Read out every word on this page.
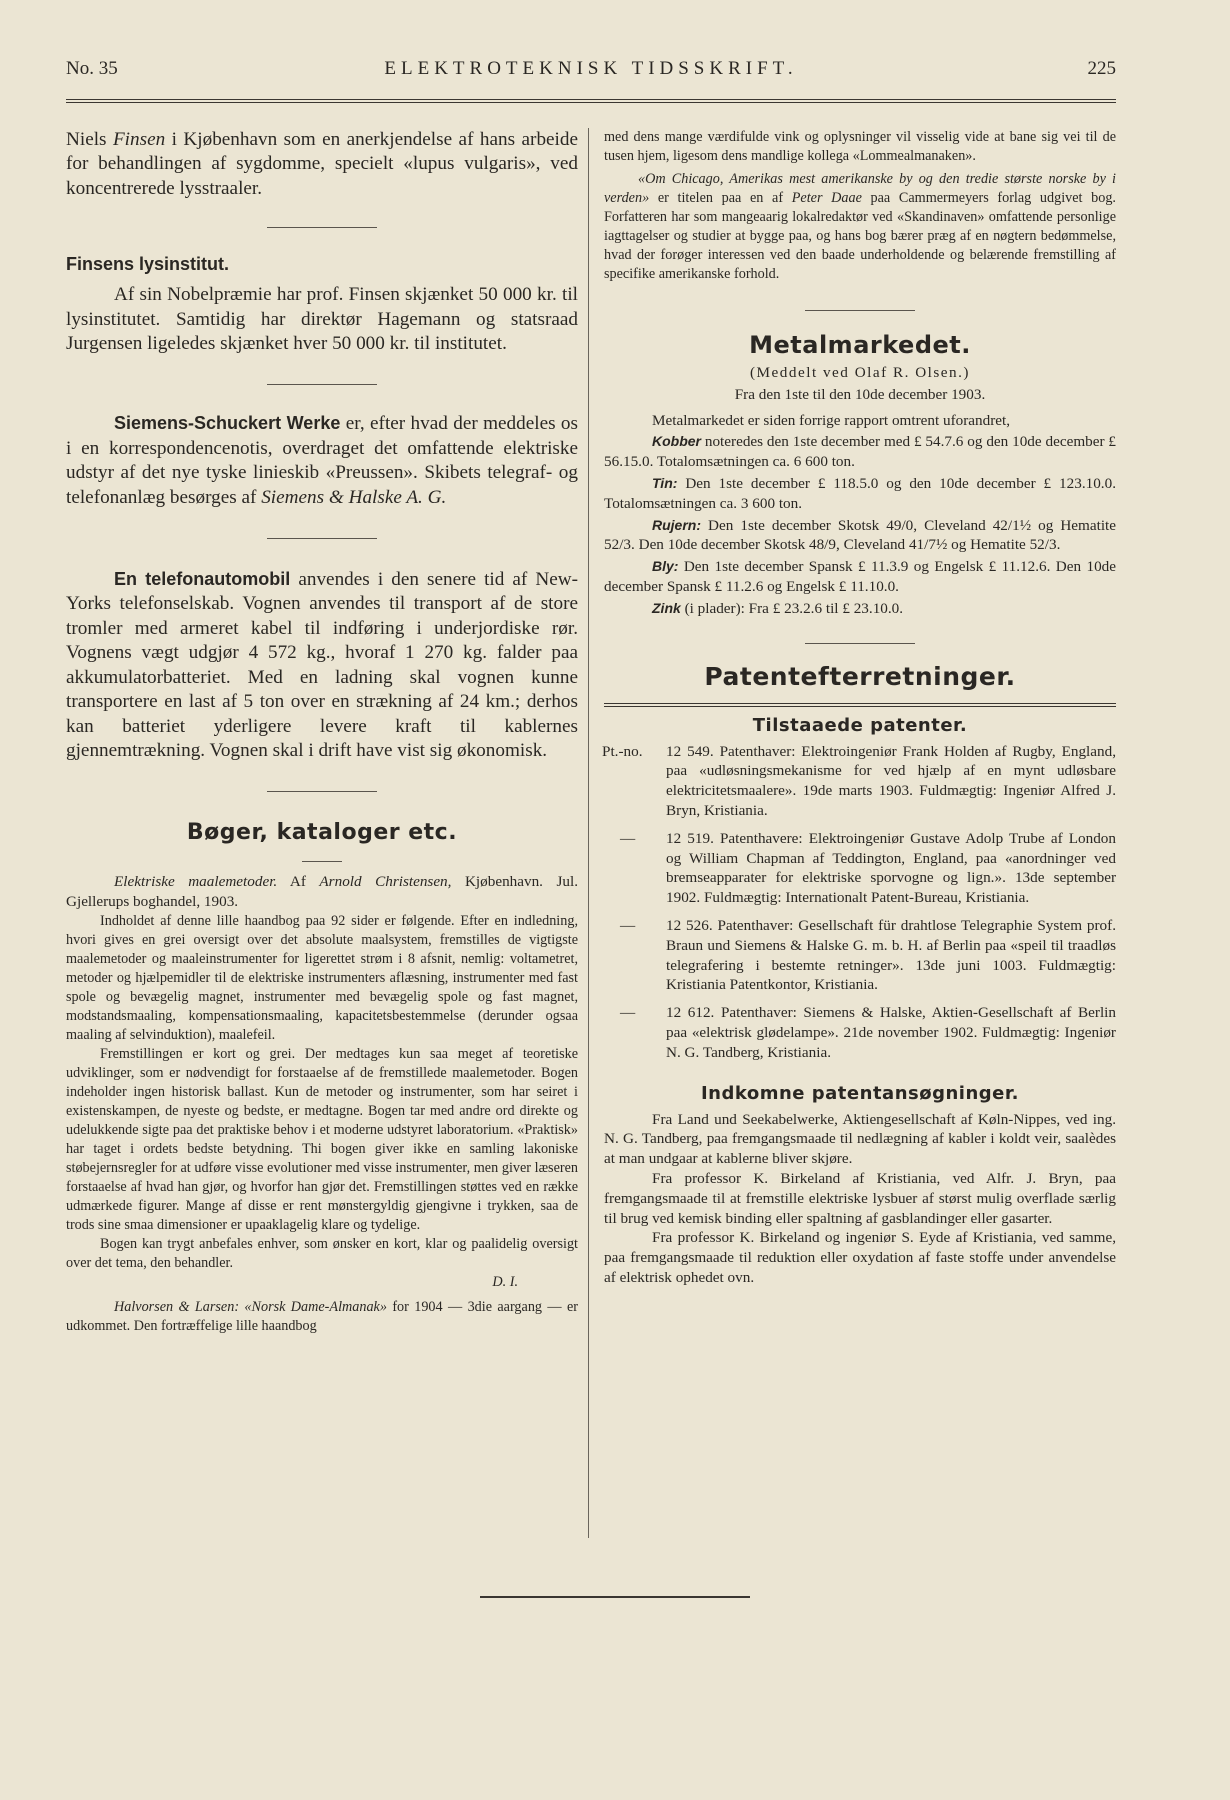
No. 35	ELEKTROTEKNISK TIDSSKRIFT.	225

Niels Finsen i Kjøbenhavn som en anerkjendelse af hans arbeide for behandlingen af sygdomme, specielt «lupus vulgaris», ved koncentrerede lysstraaler.

Finsens lysinstitut.

Af sin Nobelpræmie har prof. Finsen skjænket 50 000 kr. til lysinstitutet. Samtidig har direktør Hagemann og statsraad Jurgensen ligeledes skjænket hver 50 000 kr. til institutet.

Siemens-Schuckert Werke er, efter hvad der meddeles os i en korrespondencenotis, overdraget det omfattende elektriske udstyr af det nye tyske linieskib «Preussen». Skibets telegraf- og telefonanlæg besørges af Siemens & Halske A. G.

En telefonautomobil anvendes i den senere tid af New-Yorks telefonselskab. Vognen anvendes til transport af de store tromler med armeret kabel til indføring i underjordiske rør. Vognens vægt udgjør 4 572 kg., hvoraf 1 270 kg. falder paa akkumulatorbatteriet. Med en ladning skal vognen kunne transportere en last af 5 ton over en strækning af 24 km.; derhos kan batteriet yderligere levere kraft til kablernes gjennemtrækning. Vognen skal i drift have vist sig økonomisk.

Bøger, kataloger etc.

Elektriske maalemetoder. Af Arnold Christensen, Kjøbenhavn. Jul. Gjellerups boghandel, 1903.

Indholdet af denne lille haandbog paa 92 sider er følgende. Efter en indledning, hvori gives en grei oversigt over det absolute maalsystem, fremstilles de vigtigste maalemetoder og maaleinstrumenter for ligerettet strøm i 8 afsnit, nemlig: voltametret, metoder og hjælpemidler til de elektriske instrumenters aflæsning, instrumenter med fast spole og bevægelig magnet, instrumenter med bevægelig spole og fast magnet, modstandsmaaling, kompensationsmaaling, kapacitetsbestemmelse (derunder ogsaa maaling af selvinduktion), maalefeil.

Fremstillingen er kort og grei. Der medtages kun saa meget af teoretiske udviklinger, som er nødvendigt for forstaaelse af de fremstillede maalemetoder. Bogen indeholder ingen historisk ballast. Kun de metoder og instrumenter, som har seiret i existenskampen, de nyeste og bedste, er medtagne. Bogen tar med andre ord direkte og udelukkende sigte paa det praktiske behov i et moderne udstyret laboratorium. «Praktisk» har taget i ordets bedste betydning. Thi bogen giver ikke en samling lakoniske støbejernsregler for at udføre visse evolutioner med visse instrumenter, men giver læseren forstaaelse af hvad han gjør, og hvorfor han gjør det. Fremstillingen støttes ved en række udmærkede figurer. Mange af disse er rent mønstergyldig gjengivne i trykken, saa de trods sine smaa dimensioner er upaaklagelig klare og tydelige.

Bogen kan trygt anbefales enhver, som ønsker en kort, klar og paalidelig oversigt over det tema, den behandler.

D. I.

Halvorsen & Larsen: «Norsk Dame-Almanak» for 1904 — 3die aargang — er udkommet. Den fortræffelige lille haandbog

med dens mange værdifulde vink og oplysninger vil visselig vide at bane sig vei til de tusen hjem, ligesom dens mandlige kollega «Lommealmanaken».

«Om Chicago, Amerikas mest amerikanske by og den tredie største norske by i verden» er titelen paa en af Peter Daae paa Cammermeyers forlag udgivet bog. Forfatteren har som mangeaarig lokalredaktør ved «Skandinaven» omfattende personlige iagttagelser og studier at bygge paa, og hans bog bærer præg af en nøgtern bedømmelse, hvad der forøger interessen ved den baade underholdende og belærende fremstilling af specifike amerikanske forhold.

Metalmarkedet.
(Meddelt ved Olaf R. Olsen.)
Fra den 1ste til den 10de december 1903.

Metalmarkedet er siden forrige rapport omtrent uforandret,

Kobber noteredes den 1ste december med £ 54.7.6 og den 10de december £ 56.15.0. Totalomsætningen ca. 6 600 ton.

Tin: Den 1ste december £ 118.5.0 og den 10de december £ 123.10.0. Totalomsætningen ca. 3 600 ton.

Rujern: Den 1ste december Skotsk 49/0, Cleveland 42/1½ og Hematite 52/3. Den 10de december Skotsk 48/9, Cleveland 41/7½ og Hematite 52/3.

Bly: Den 1ste december Spansk £ 11.3.9 og Engelsk £ 11.12.6. Den 10de december Spansk £ 11.2.6 og Engelsk £ 11.10.0.

Zink (i plader): Fra £ 23.2.6 til £ 23.10.0.

Patentefterretninger.
Tilstaaede patenter.
Pt.-no. 12 549. Patenthaver: Elektroingeniør Frank Holden af Rugby, England, paa «udløsningsmekanisme for ved hjælp af en mynt udløsbare elektricitetsmaalere». 19de marts 1903. Fuldmægtig: Ingeniør Alfred J. Bryn, Kristiania.

— 12 519. Patenthavere: Elektroingeniør Gustave Adolp Trube af London og William Chapman af Teddington, England, paa «anordninger ved bremseapparater for elektriske sporvogne og lign.». 13de september 1902. Fuldmægtig: Internationalt Patent-Bureau, Kristiania.

— 12 526. Patenthaver: Gesellschaft für drahtlose Telegraphie System prof. Braun und Siemens & Halske G. m. b. H. af Berlin paa «speil til traadløs telegrafering i bestemte retninger». 13de juni 1003. Fuldmægtig: Kristiania Patentkontor, Kristiania.

— 12 612. Patenthaver: Siemens & Halske, Aktien-Gesellschaft af Berlin paa «elektrisk glødelampe». 21de november 1902. Fuldmægtig: Ingeniør N. G. Tandberg, Kristiania.

Indkomne patentansøgninger.

Fra Land und Seekabelwerke, Aktiengesellschaft af Køln-Nippes, ved ing. N. G. Tandberg, paa fremgangsmaade til nedlægning af kabler i koldt veir, saalèdes at man undgaar at kablerne bliver skjøre.

Fra professor K. Birkeland af Kristiania, ved Alfr. J. Bryn, paa fremgangsmaade til at fremstille elektriske lysbuer af størst mulig overflade særlig til brug ved kemisk binding eller spaltning af gasblandinger eller gasarter.

Fra professor K. Birkeland og ingeniør S. Eyde af Kristiania, ved samme, paa fremgangsmaade til reduktion eller oxydation af faste stoffe under anvendelse af elektrisk ophedet ovn.
